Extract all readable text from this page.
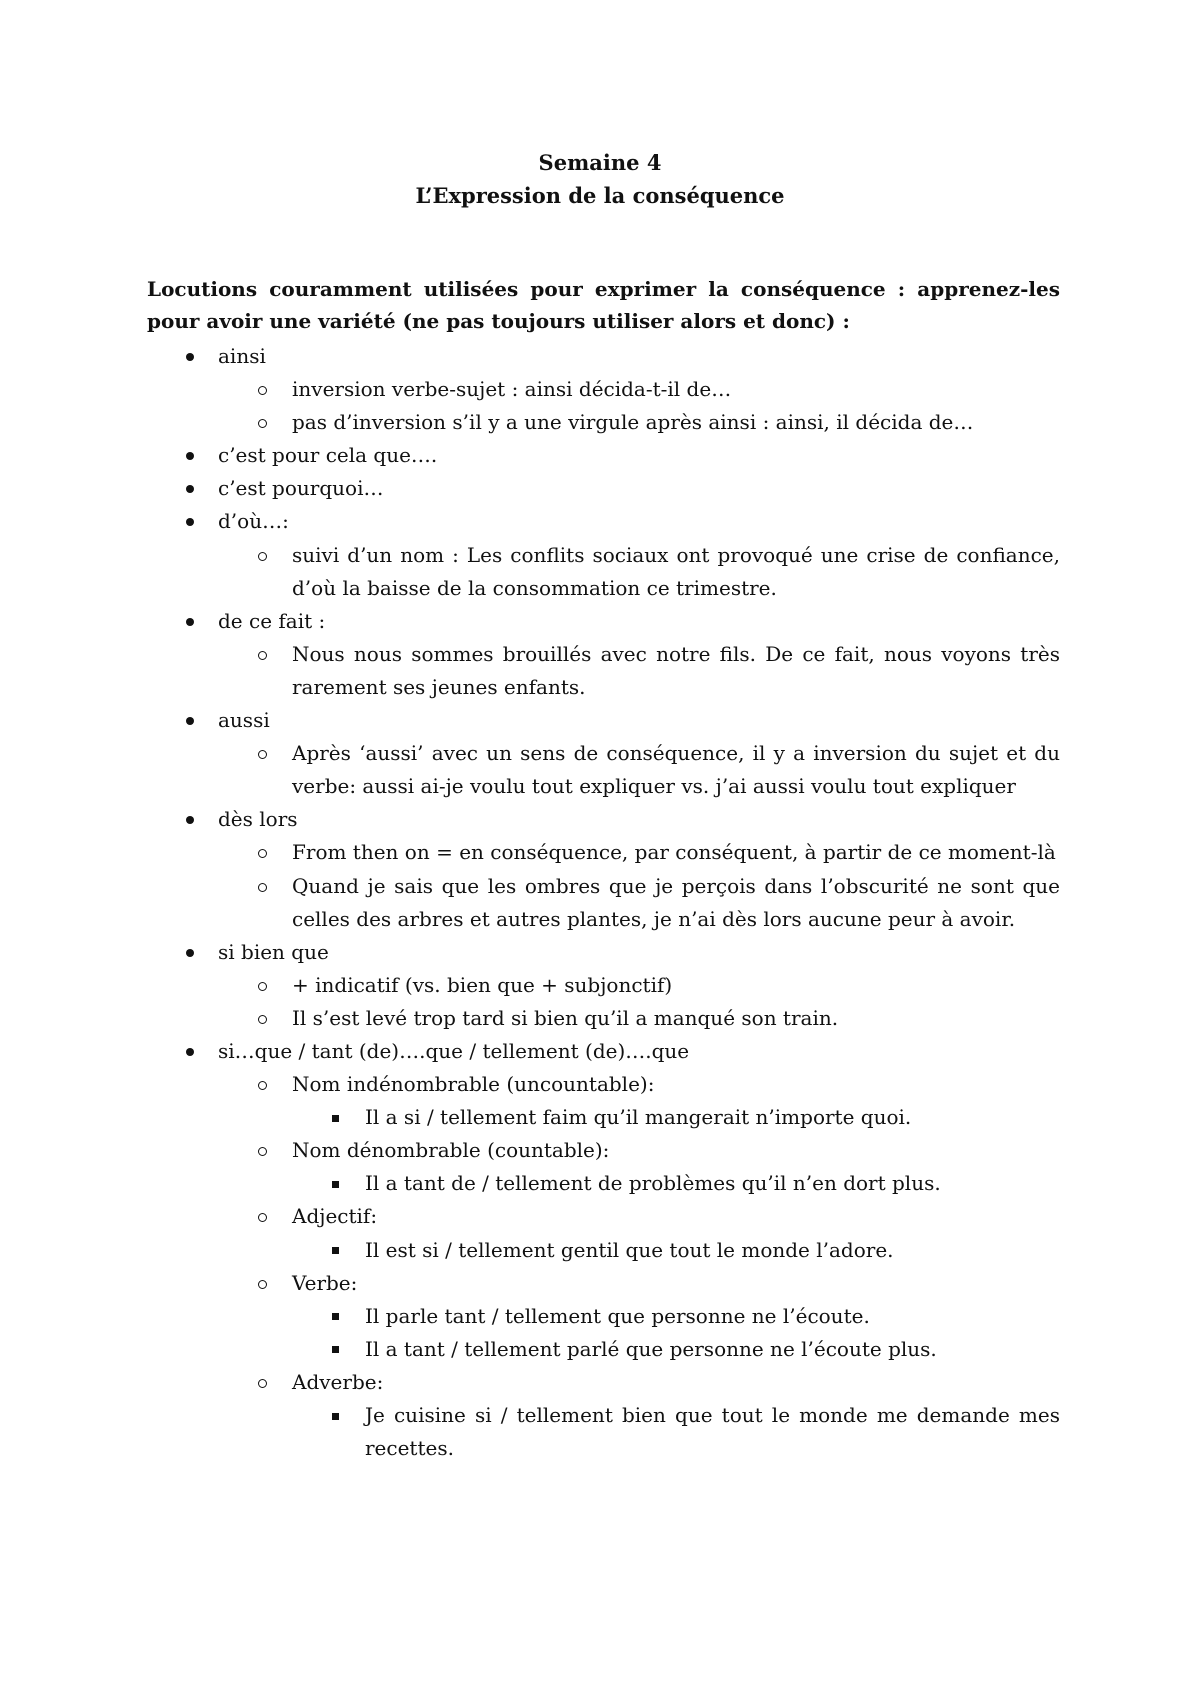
Semaine 4
L’Expression de la conséquence
Locutions couramment utilisées pour exprimer la conséquence : apprenez-les pour avoir une variété (ne pas toujours utiliser alors et donc) :
ainsi
inversion verbe-sujet : ainsi décida-t-il de…
pas d’inversion s’il y a une virgule après ainsi : ainsi, il décida de…
c’est pour cela que….
c’est pourquoi…
d’où…:
suivi d’un nom : Les conflits sociaux ont provoqué une crise de confiance, d’où la baisse de la consommation ce trimestre.
de ce fait :
Nous nous sommes brouillés avec notre fils. De ce fait, nous voyons très rarement ses jeunes enfants.
aussi
Après ‘aussi’ avec un sens de conséquence, il y a inversion du sujet et du verbe: aussi ai-je voulu tout expliquer vs. j’ai aussi voulu tout expliquer
dès lors
From then on = en conséquence, par conséquent, à partir de ce moment-là
Quand je sais que les ombres que je perçois dans l’obscurité ne sont que celles des arbres et autres plantes, je n’ai dès lors aucune peur à avoir.
si bien que
+ indicatif (vs. bien que + subjonctif)
Il s’est levé trop tard si bien qu’il a manqué son train.
si…que / tant (de)….que / tellement (de)….que
Nom indénombrable (uncountable):
Il a si / tellement faim qu’il mangerait n’importe quoi.
Nom dénombrable (countable):
Il a tant de / tellement de problèmes qu’il n’en dort plus.
Adjectif:
Il est si / tellement gentil que tout le monde l’adore.
Verbe:
Il parle tant / tellement que personne ne l’écoute.
Il a tant / tellement parlé que personne ne l’écoute plus.
Adverbe:
Je cuisine si / tellement bien que tout le monde me demande mes recettes.
